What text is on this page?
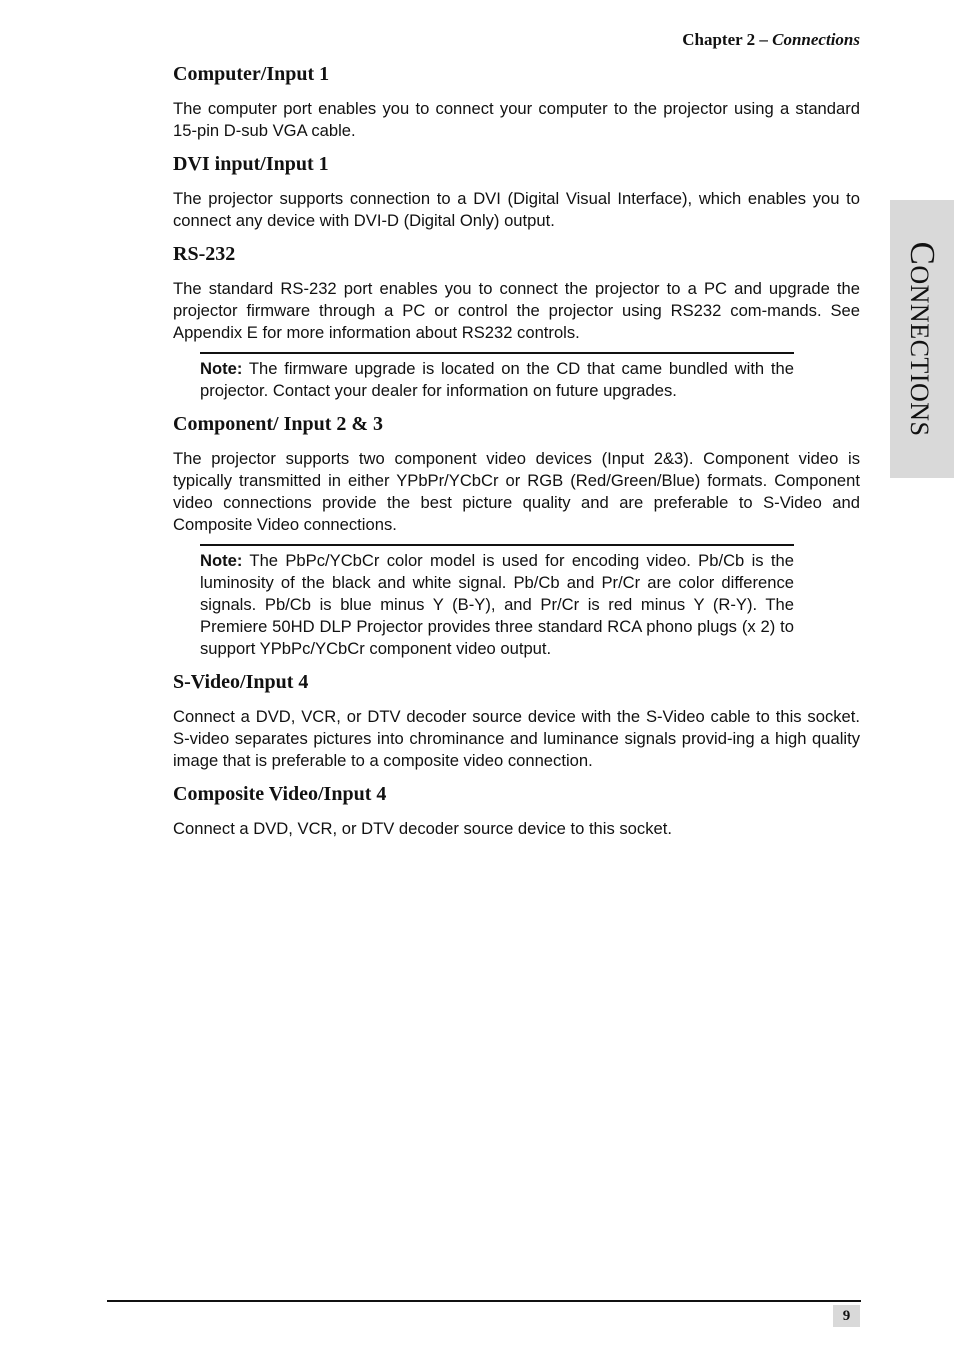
Chapter 2 – Connections
CONNECTIONS
Computer/Input 1

The computer port enables you to connect your computer to the projector using a standard 15-pin D-sub VGA cable.

DVI input/Input 1

The projector supports connection to a DVI (Digital Visual Interface), which enables you to connect any device with DVI-D (Digital Only) output.

RS-232

The standard RS-232 port enables you to connect the projector to a PC and upgrade the projector firmware through a PC or control the projector using RS232 com-mands. See Appendix E for more information about RS232 controls.

Note: The firmware upgrade is located on the CD that came bundled with the projector. Contact your dealer for information on future upgrades.
Component/ Input 2 & 3

The projector supports two component video devices (Input 2&3). Component video is typically transmitted in either YPbPr/YCbCr or RGB (Red/Green/Blue) formats. Component video connections provide the best picture quality and are preferable to S-Video and Composite Video connections.

Note: The PbPc/YCbCr color model is used for encoding video. Pb/Cb is the luminosity of the black and white signal. Pb/Cb and Pr/Cr are color difference signals. Pb/Cb is blue minus Y (B-Y), and Pr/Cr is red minus Y (R-Y). The Premiere 50HD DLP Projector provides three standard RCA phono plugs (x 2) to support YPbPc/YCbCr component video output.
S-Video/Input 4

Connect a DVD, VCR, or DTV decoder source device with the S-Video cable to this socket. S-video separates pictures into chrominance and luminance signals provid-ing a high quality image that is preferable to a composite video connection.

Composite Video/Input 4

Connect a DVD, VCR, or DTV decoder source device to this socket.

9
